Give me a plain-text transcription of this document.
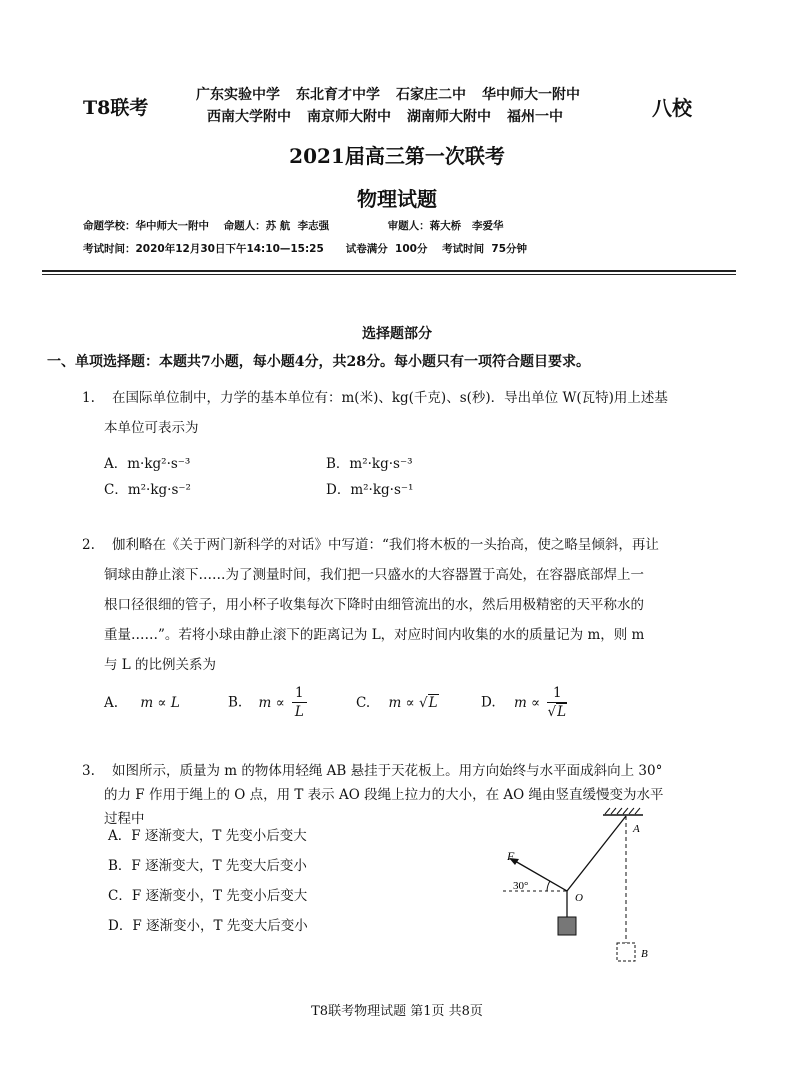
T8联考
广东实验中学 东北育才中学 石家庄二中 华中师大一附中
西南大学附中 南京师大附中 湖南师大附中 福州一中	八校
2021届高三第一次联考
物理试题
命题学校：华中师大一附中    命题人：苏 航  李志强                审题人：蒋大桥   李爱华
考试时间：2020年12月30日下午14:10—15:25      试卷满分  100分    考试时间  75分钟
选择题部分
一、单项选择题：本题共7小题，每小题4分，共28分。每小题只有一项符合题目要求。
1. 在国际单位制中，力学的基本单位有：m(米)、kg(千克)、s(秒)．导出单位 W(瓦特)用上述基
本单位可表示为
A．m·kg²·s⁻³	B．m²·kg·s⁻³
C．m²·kg·s⁻²	D．m²·kg·s⁻¹
2. 伽利略在《关于两门新科学的对话》中写道：“我们将木板的一头抬高，使之略呈倾斜，再让
铜球由静止滚下……为了测量时间，我们把一只盛水的大容器置于高处，在容器底部焊上一
根口径很细的管子，用小杯子收集每次下降时由细管流出的水，然后用极精密的天平称水的
重量……”。若将小球由静止滚下的距离记为 L，对应时间内收集的水的质量记为 m，则 m
与 L 的比例关系为
A. m ∝ L	B. $m \propto \frac{1}{L}$	C. m ∝ √L	D. $m \propto \frac{1}{√L}$
3. 如图所示，质量为 m 的物体用轻绳 AB 悬挂于天花板上。用方向始终与水平面成斜向上 30°
的力 F 作用于绳上的 O 点，用 T 表示 AO 段绳上拉力的大小，在 AO 绳由竖直缓慢变为水平
过程中
A．F 逐渐变大，T 先变小后变大
B．F 逐渐变大，T 先变大后变小
C．F 逐渐变小，T 先变小后变大
D．F 逐渐变小，T 先变大后变小
F
30°
O
A
B
T8联考物理试题 第1页 共8页
